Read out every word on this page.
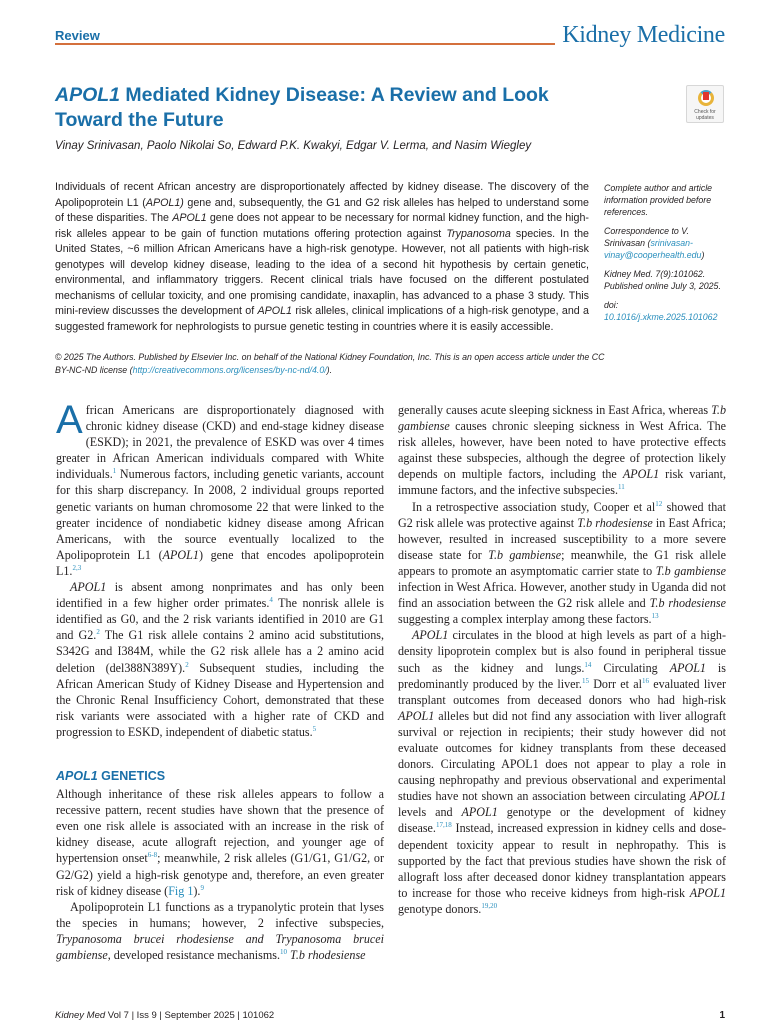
Review	Kidney Medicine
APOL1 Mediated Kidney Disease: A Review and Look Toward the Future	Check for
updates
Vinay Srinivasan, Paolo Nikolai So, Edward P.K. Kwakyi, Edgar V. Lerma, and Nasim Wiegley
Individuals of recent African ancestry are disproportionately affected by kidney disease. The discovery of the Apolipoprotein L1 (APOL1) gene and, subsequently, the G1 and G2 risk alleles has helped to understand some of these disparities. The APOL1 gene does not appear to be necessary for normal kidney function, and the high-risk alleles appear to be gain of function mutations offering protection against Trypanosoma species. In the United States, ~6 million African Americans have a high-risk genotype. However, not all patients with high-risk genotypes will develop kidney disease, leading to the idea of a second hit hypothesis by certain genetic, environmental, and inflammatory triggers. Recent clinical trials have focused on the different postulated mechanisms of cellular toxicity, and one promising candidate, inaxaplin, has advanced to a phase 3 study. This mini-review discusses the development of APOL1 risk alleles, clinical implications of a high-risk genotype, and a suggested framework for nephrologists to pursue genetic testing in countries where it is easily accessible.

Complete author and article information provided before references.

Correspondence to V. Srinivasan (srinivasan-vinay@cooperhealth.edu)

Kidney Med. 7(9):101062. Published online July 3, 2025.

doi: 10.1016/j.xkme.2025.101062

© 2025 The Authors. Published by Elsevier Inc. on behalf of the National Kidney Foundation, Inc. This is an open access article under the CC BY-NC-ND license (http://creativecommons.org/licenses/by-nc-nd/4.0/).

African Americans are disproportionately diagnosed with chronic kidney disease (CKD) and end-stage kidney disease (ESKD); in 2021, the prevalence of ESKD was over 4 times greater in African American individuals compared with White individuals.$^1$ Numerous factors, including genetic variants, account for this sharp discrepancy. In 2008, 2 individual groups reported genetic variants on human chromosome 22 that were linked to the greater incidence of nondiabetic kidney disease among African Americans, with the source eventually localized to the Apolipoprotein L1 (APOL1) gene that encodes apolipoprotein L1.$^{2,3}$

APOL1 is absent among nonprimates and has only been identified in a few higher order primates.$^4$ The nonrisk allele is identified as G0, and the 2 risk variants identified in 2010 are G1 and G2.$^2$ The G1 risk allele contains 2 amino acid substitutions, S342G and I384M, while the G2 risk allele has a 2 amino acid deletion (del388N389Y).$^2$ Subsequent studies, including the African American Study of Kidney Disease and Hypertension and the Chronic Renal Insufficiency Cohort, demonstrated that these risk variants were associated with a higher rate of CKD and progression to ESKD, independent of diabetic status.$^5$

APOL1 GENETICS

Although inheritance of these risk alleles appears to follow a recessive pattern, recent studies have shown that the presence of even one risk allele is associated with an increase in the risk of kidney disease, acute allograft rejection, and younger age of hypertension onset$^{6-8}$; meanwhile, 2 risk alleles (G1/G1, G1/G2, or G2/G2) yield a high-risk genotype and, therefore, an even greater risk of kidney disease (Fig 1).$^9$

Apolipoprotein L1 functions as a trypanolytic protein that lyses the species in humans; however, 2 infective subspecies, Trypanosoma brucei rhodesiense and Trypanosoma brucei gambiense, developed resistance mechanisms.$^{10}$ T.b rhodesiense

generally causes acute sleeping sickness in East Africa, whereas T.b gambiense causes chronic sleeping sickness in West Africa. The risk alleles, however, have been noted to have protective effects against these subspecies, although the degree of protection likely depends on multiple factors, including the APOL1 risk variant, immune factors, and the infective subspecies.$^{11}$

In a retrospective association study, Cooper et $al^{12}$ showed that G2 risk allele was protective against T.b rhodesiense in East Africa; however, resulted in increased susceptibility to a more severe disease state for T.b gambiense; meanwhile, the G1 risk allele appears to promote an asymptomatic carrier state to T.b gambiense infection in West Africa. However, another study in Uganda did not find an association between the G2 risk allele and T.b rhodesiense suggesting a complex interplay among these factors.$^{13}$

APOL1 circulates in the blood at high levels as part of a high-density lipoprotein complex but is also found in peripheral tissue such as the kidney and lungs.$^{14}$ Circulating APOL1 is predominantly produced by the liver.$^{15}$ Dorr et $al^{16}$ evaluated liver transplant outcomes from deceased donors who had high-risk APOL1 alleles but did not find any association with liver allograft survival or rejection in recipients; their study however did not evaluate outcomes for kidney transplants from these deceased donors. Circulating APOL1 does not appear to play a role in causing nephropathy and previous observational and experimental studies have not shown an association between circulating APOL1 levels and APOL1 genotype or the development of kidney disease.$^{17,18}$ Instead, increased expression in kidney cells and dose-dependent toxicity appear to result in nephropathy. This is supported by the fact that previous studies have shown the risk of allograft loss after deceased donor kidney transplantation appears to increase for those who receive kidneys from high-risk APOL1 genotype donors.$^{19,20}$

Kidney Med Vol 7 | Iss 9 | September 2025 | 101062	1
